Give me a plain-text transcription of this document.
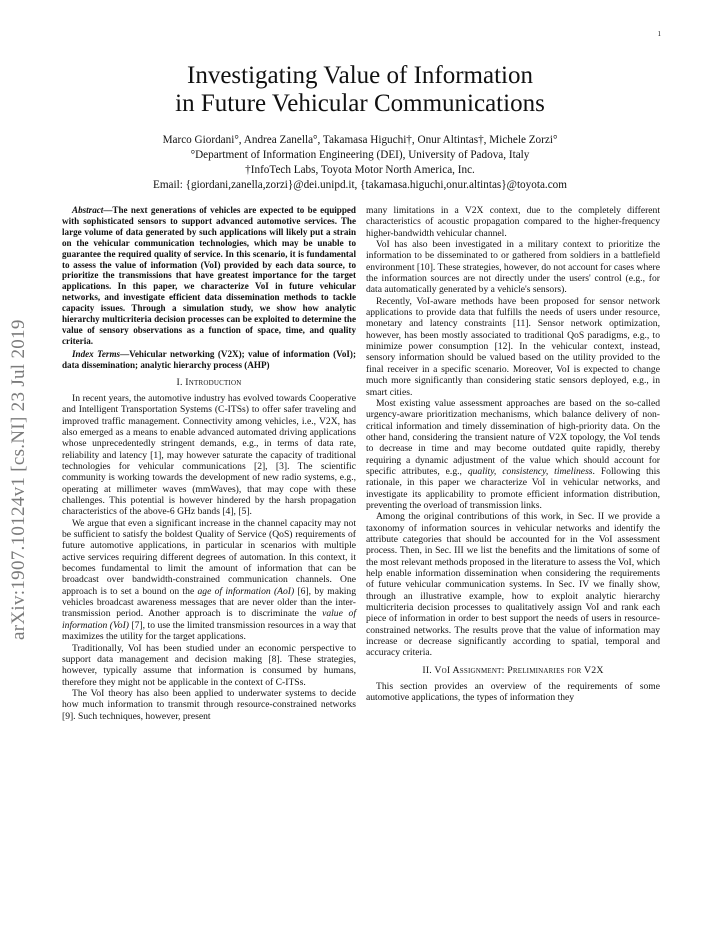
1
arXiv:1907.10124v1 [cs.NI] 23 Jul 2019
Investigating Value of Information
in Future Vehicular Communications
Marco Giordani°, Andrea Zanella°, Takamasa Higuchi†, Onur Altintas†, Michele Zorzi°
°Department of Information Engineering (DEI), University of Padova, Italy
†InfoTech Labs, Toyota Motor North America, Inc.
Email: {giordani,zanella,zorzi}@dei.unipd.it, {takamasa.higuchi,onur.altintas}@toyota.com

Abstract—The next generations of vehicles are expected to be equipped with sophisticated sensors to support advanced automotive services. The large volume of data generated by such applications will likely put a strain on the vehicular communication technologies, which may be unable to guarantee the required quality of service. In this scenario, it is fundamental to assess the value of information (VoI) provided by each data source, to prioritize the transmissions that have greatest importance for the target applications. In this paper, we characterize VoI in future vehicular networks, and investigate efficient data dissemination methods to tackle capacity issues. Through a simulation study, we show how analytic hierarchy multicriteria decision processes can be exploited to determine the value of sensory observations as a function of space, time, and quality criteria.

Index Terms—Vehicular networking (V2X); value of information (VoI); data dissemination; analytic hierarchy process (AHP)

I. Introduction

In recent years, the automotive industry has evolved towards Cooperative and Intelligent Transportation Systems (C-ITSs) to offer safer traveling and improved traffic management. Connectivity among vehicles, i.e., V2X, has also emerged as a means to enable advanced automated driving applications whose unprecedentedly stringent demands, e.g., in terms of data rate, reliability and latency [1], may however saturate the capacity of traditional technologies for vehicular communications [2], [3]. The scientific community is working towards the development of new radio systems, e.g., operating at millimeter waves (mmWaves), that may cope with these challenges. This potential is however hindered by the harsh propagation characteristics of the above-6 GHz bands [4], [5].

We argue that even a significant increase in the channel capacity may not be sufficient to satisfy the boldest Quality of Service (QoS) requirements of future automotive applications, in particular in scenarios with multiple active services requiring different degrees of automation. In this context, it becomes fundamental to limit the amount of information that can be broadcast over bandwidth-constrained communication channels. One approach is to set a bound on the age of information (AoI) [6], by making vehicles broadcast awareness messages that are never older than the inter-transmission period. Another approach is to discriminate the value of information (VoI) [7], to use the limited transmission resources in a way that maximizes the utility for the target applications.

Traditionally, VoI has been studied under an economic perspective to support data management and decision making [8]. These strategies, however, typically assume that information is consumed by humans, therefore they might not be applicable in the context of C-ITSs.

The VoI theory has also been applied to underwater systems to decide how much information to transmit through resource-constrained networks [9]. Such techniques, however, present

many limitations in a V2X context, due to the completely different characteristics of acoustic propagation compared to the higher-frequency higher-bandwidth vehicular channel.

VoI has also been investigated in a military context to prioritize the information to be disseminated to or gathered from soldiers in a battlefield environment [10]. These strategies, however, do not account for cases where the information sources are not directly under the users' control (e.g., for data automatically generated by a vehicle's sensors).

Recently, VoI-aware methods have been proposed for sensor network applications to provide data that fulfills the needs of users under resource, monetary and latency constraints [11]. Sensor network optimization, however, has been mostly associated to traditional QoS paradigms, e.g., to minimize power consumption [12]. In the vehicular context, instead, sensory information should be valued based on the utility provided to the final receiver in a specific scenario. Moreover, VoI is expected to change much more significantly than considering static sensors deployed, e.g., in smart cities.

Most existing value assessment approaches are based on the so-called urgency-aware prioritization mechanisms, which balance delivery of non-critical information and timely dissemination of high-priority data. On the other hand, considering the transient nature of V2X topology, the VoI tends to decrease in time and may become outdated quite rapidly, thereby requiring a dynamic adjustment of the value which should account for specific attributes, e.g., quality, consistency, timeliness. Following this rationale, in this paper we characterize VoI in vehicular networks, and investigate its applicability to promote efficient information distribution, preventing the overload of transmission links.

Among the original contributions of this work, in Sec. II we provide a taxonomy of information sources in vehicular networks and identify the attribute categories that should be accounted for in the VoI assessment process. Then, in Sec. III we list the benefits and the limitations of some of the most relevant methods proposed in the literature to assess the VoI, which help enable information dissemination when considering the requirements of future vehicular communication systems. In Sec. IV we finally show, through an illustrative example, how to exploit analytic hierarchy multicriteria decision processes to qualitatively assign VoI and rank each piece of information in order to best support the needs of users in resource-constrained networks. The results prove that the value of information may increase or decrease significantly according to spatial, temporal and accuracy criteria.

II. VoI Assignment: Preliminaries for V2X

This section provides an overview of the requirements of some automotive applications, the types of information they
